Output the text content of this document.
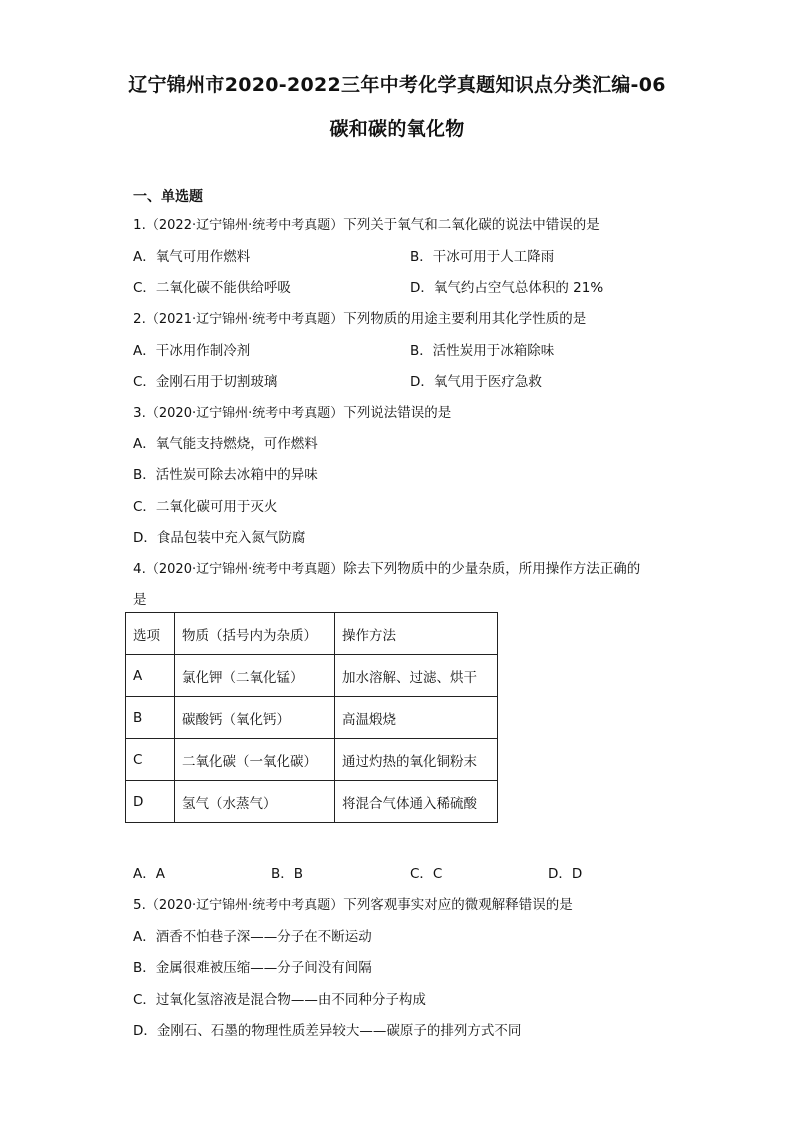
辽宁锦州市2020-2022三年中考化学真题知识点分类汇编-06
碳和碳的氧化物
一、单选题
1.（2022·辽宁锦州·统考中考真题）下列关于氧气和二氧化碳的说法中错误的是
A．氧气可用作燃料	B．干冰可用于人工降雨
C．二氧化碳不能供给呼吸	D．氧气约占空气总体积的 21%
2.（2021·辽宁锦州·统考中考真题）下列物质的用途主要利用其化学性质的是
A．干冰用作制冷剂	B．活性炭用于冰箱除味
C．金刚石用于切割玻璃	D．氧气用于医疗急救
3.（2020·辽宁锦州·统考中考真题）下列说法错误的是
A．氧气能支持燃烧，可作燃料
B．活性炭可除去冰箱中的异味
C．二氧化碳可用于灭火
D．食品包装中充入氮气防腐
4.（2020·辽宁锦州·统考中考真题）除去下列物质中的少量杂质，所用操作方法正确的
是
选项	物质（括号内为杂质）	操作方法
A	氯化钾（二氧化锰）	加水溶解、过滤、烘干
B	碳酸钙（氧化钙）	高温煅烧
C	二氧化碳（一氧化碳）	通过灼热的氧化铜粉末
D	氢气（水蒸气）	将混合气体通入稀硫酸
A．A	B．B	C．C	D．D
5.（2020·辽宁锦州·统考中考真题）下列客观事实对应的微观解释错误的是
A．酒香不怕巷子深——分子在不断运动
B．金属很难被压缩——分子间没有间隔
C．过氧化氢溶液是混合物——由不同种分子构成
D．金刚石、石墨的物理性质差异较大——碳原子的排列方式不同
